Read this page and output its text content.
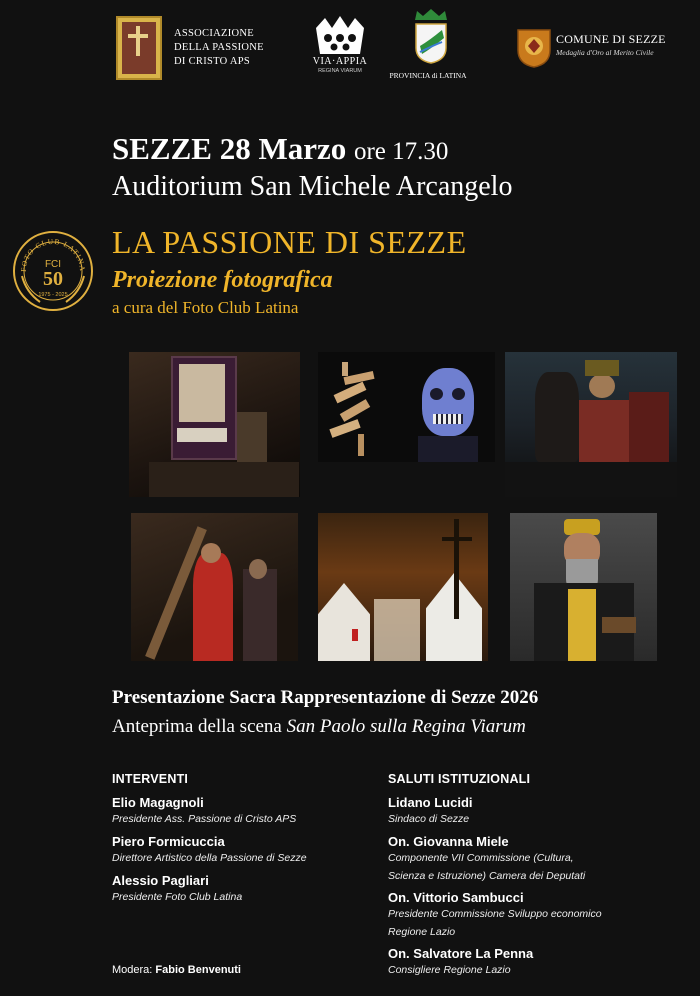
ASSOCIAZIONE
DELLA PASSIONE
DI CRISTO APS	VIA·APPIA
REGINA VIARUM	PROVINCIA di LATINA
COMUNE DI SEZZE
Medaglia d'Oro al Merito Civile
SEZZE 28 Marzo ore 17.30
Auditorium San Michele Arcangelo
LA PASSIONE DI SEZZE
Proiezione fotografica
a cura del Foto Club Latina
FOTO CLUB LATINA
FCI
50
1975 - 2025
Presentazione Sacra Rappresentazione di Sezze 2026
Anteprima della scena San Paolo sulla Regina Viarum
INTERVENTI
Elio Magagnoli
Presidente Ass. Passione di Cristo APS
Piero Formicuccia
Direttore Artistico della Passione di Sezze
Alessio Pagliari
Presidente Foto Club Latina
SALUTI ISTITUZIONALI
Lidano Lucidi
Sindaco di Sezze
On. Giovanna Miele
Componente VII Commissione (Cultura,
Scienza e Istruzione) Camera dei Deputati
On. Vittorio Sambucci
Presidente Commissione Sviluppo economico
Regione Lazio
On. Salvatore La Penna
Consigliere Regione Lazio
Modera: Fabio Benvenuti
